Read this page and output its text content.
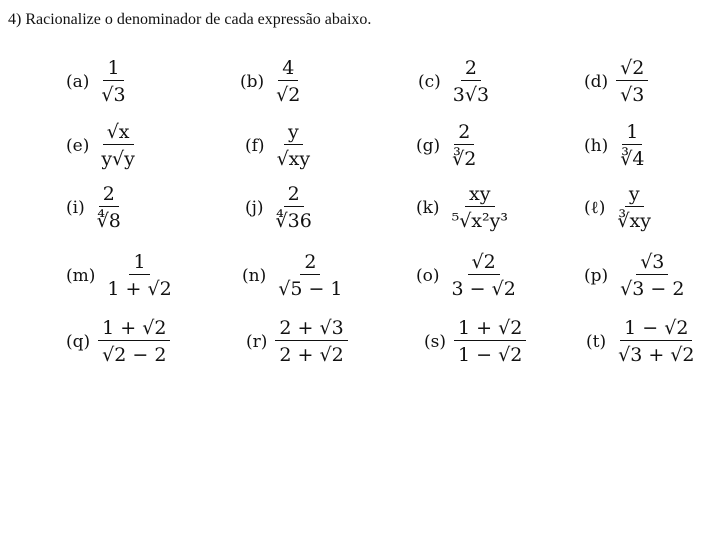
4) Racionalize o denominador de cada expressão abaixo.
$(a) \frac{1}{√3}$	$(b) \frac{4}{√2}$	$(c) \frac{2}{3√3}$	$(d) \frac{√2}{√3}$
$(e) \frac{√x}{y√y}$	$(f) \frac{y}{√xy}$	$(g) \frac{2}{∛2}$	$(h) \frac{1}{∛4}$
$(i) \frac{2}{∜8}$	$(j) \frac{2}{∜36}$	$(k) \frac{xy}{\text{⁵√x²y³}}$	(ℓ) $\frac{y}{∛xy}$
$(m) \frac{1}{1 + √2}$	$(n) \frac{2}{√5 - 1}$	$(o) \frac{√2}{3 - √2}$	$(p) \frac{√3}{√3 - 2}$
$(q) \frac{1 + √2}{√2 - 2}$	$(r) \frac{2 + √3}{2 + √2}$	$(s) \frac{1 + √2}{1 - √2}$	$(t) \frac{1 - √2}{√3 + √2}$
